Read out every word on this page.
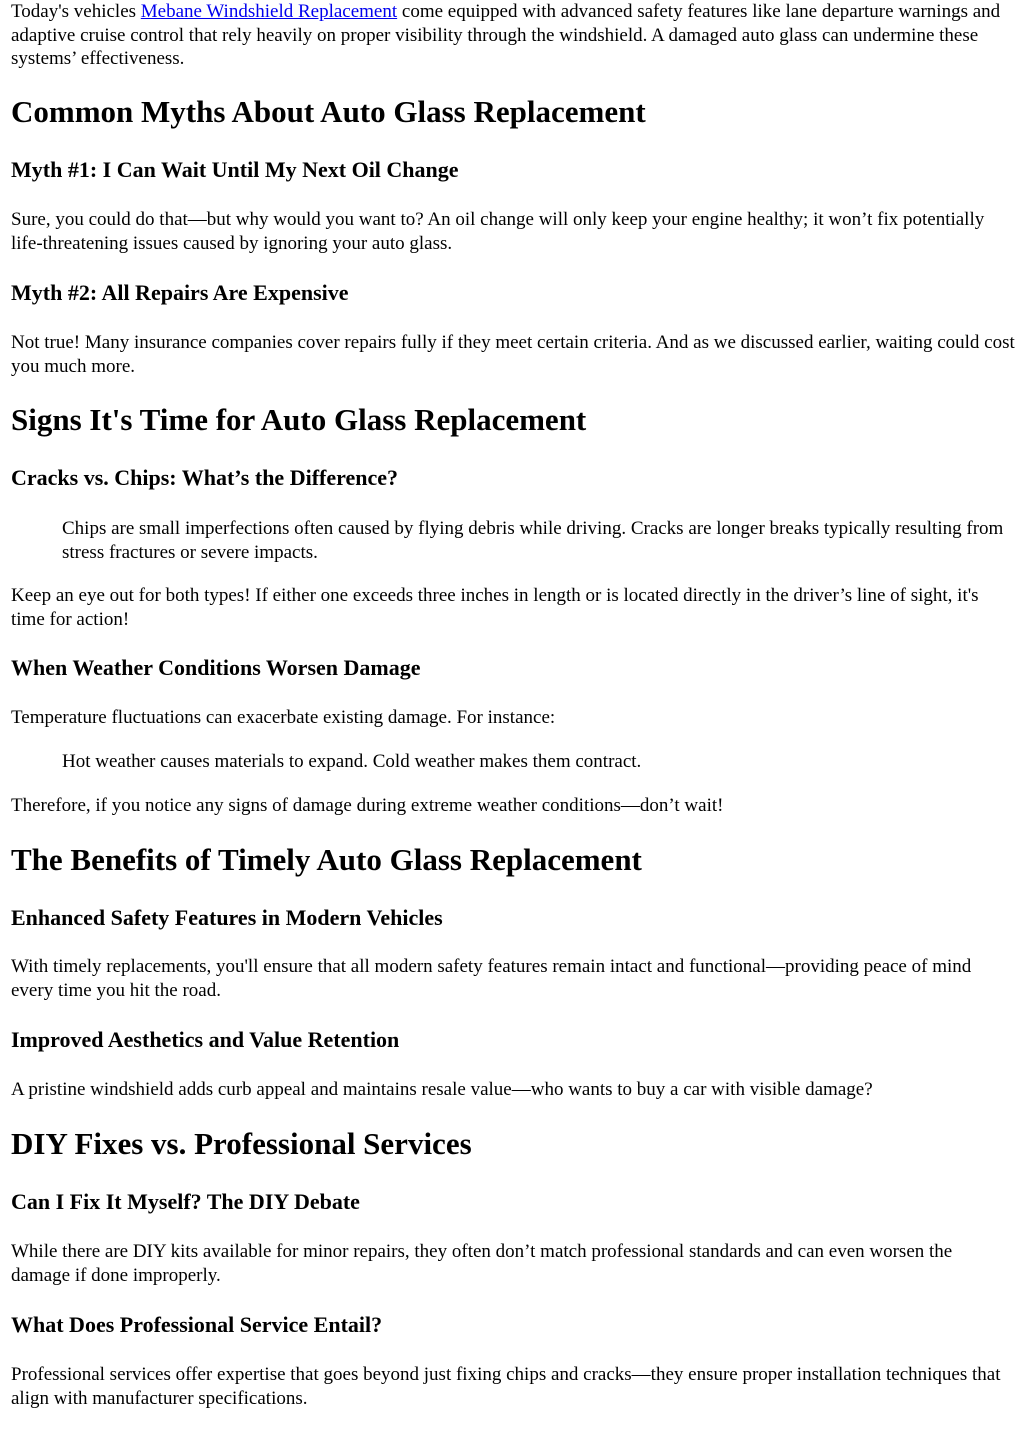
Today's vehicles Mebane Windshield Replacement come equipped with advanced safety features like lane departure warnings and adaptive cruise control that rely heavily on proper visibility through the windshield. A damaged auto glass can undermine these systems’ effectiveness.

Common Myths About Auto Glass Replacement
Myth #1: I Can Wait Until My Next Oil Change

Sure, you could do that—but why would you want to? An oil change will only keep your engine healthy; it won’t fix potentially life-threatening issues caused by ignoring your auto glass.

Myth #2: All Repairs Are Expensive

Not true! Many insurance companies cover repairs fully if they meet certain criteria. And as we discussed earlier, waiting could cost you much more.

Signs It's Time for Auto Glass Replacement
Cracks vs. Chips: What’s the Difference?
Chips are small imperfections often caused by flying debris while driving. Cracks are longer breaks typically resulting from stress fractures or severe impacts.

Keep an eye out for both types! If either one exceeds three inches in length or is located directly in the driver’s line of sight, it's time for action!

When Weather Conditions Worsen Damage

Temperature fluctuations can exacerbate existing damage. For instance:

Hot weather causes materials to expand. Cold weather makes them contract.

Therefore, if you notice any signs of damage during extreme weather conditions—don’t wait!

The Benefits of Timely Auto Glass Replacement
Enhanced Safety Features in Modern Vehicles

With timely replacements, you'll ensure that all modern safety features remain intact and functional—providing peace of mind every time you hit the road.

Improved Aesthetics and Value Retention

A pristine windshield adds curb appeal and maintains resale value—who wants to buy a car with visible damage?

DIY Fixes vs. Professional Services
Can I Fix It Myself? The DIY Debate

While there are DIY kits available for minor repairs, they often don’t match professional standards and can even worsen the damage if done improperly.

What Does Professional Service Entail?

Professional services offer expertise that goes beyond just fixing chips and cracks—they ensure proper installation techniques that align with manufacturer specifications.
